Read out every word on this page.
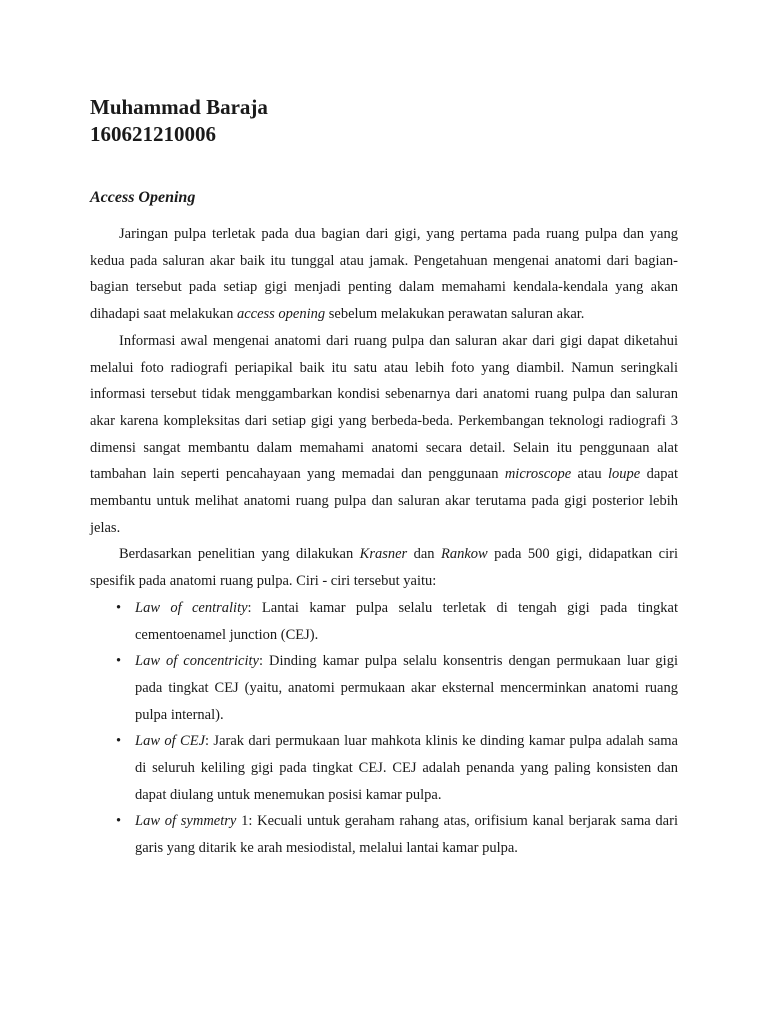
Muhammad Baraja

160621210006

Access Opening

Jaringan pulpa terletak pada dua bagian dari gigi, yang pertama pada ruang pulpa dan yang kedua pada saluran akar baik itu tunggal atau jamak. Pengetahuan mengenai anatomi dari bagian-bagian tersebut pada setiap gigi menjadi penting dalam memahami kendala-kendala yang akan dihadapi saat melakukan access opening sebelum melakukan perawatan saluran akar.

Informasi awal mengenai anatomi dari ruang pulpa dan saluran akar dari gigi dapat diketahui melalui foto radiografi periapikal baik itu satu atau lebih foto yang diambil. Namun seringkali informasi tersebut tidak menggambarkan kondisi sebenarnya dari anatomi ruang pulpa dan saluran akar karena kompleksitas dari setiap gigi yang berbeda-beda. Perkembangan teknologi radiografi 3 dimensi sangat membantu dalam memahami anatomi secara detail. Selain itu penggunaan alat tambahan lain seperti pencahayaan yang memadai dan penggunaan microscope atau loupe dapat membantu untuk melihat anatomi ruang pulpa dan saluran akar terutama pada gigi posterior lebih jelas.

Berdasarkan penelitian yang dilakukan Krasner dan Rankow pada 500 gigi, didapatkan ciri spesifik pada anatomi ruang pulpa. Ciri - ciri tersebut yaitu:

• Law of centrality: Lantai kamar pulpa selalu terletak di tengah gigi pada tingkat cementoenamel junction (CEJ).
• Law of concentricity: Dinding kamar pulpa selalu konsentris dengan permukaan luar gigi pada tingkat CEJ (yaitu, anatomi permukaan akar eksternal mencerminkan anatomi ruang pulpa internal).
• Law of CEJ: Jarak dari permukaan luar mahkota klinis ke dinding kamar pulpa adalah sama di seluruh keliling gigi pada tingkat CEJ. CEJ adalah penanda yang paling konsisten dan dapat diulang untuk menemukan posisi kamar pulpa.
• Law of symmetry 1: Kecuali untuk geraham rahang atas, orifisium kanal berjarak sama dari garis yang ditarik ke arah mesiodistal, melalui lantai kamar pulpa.
